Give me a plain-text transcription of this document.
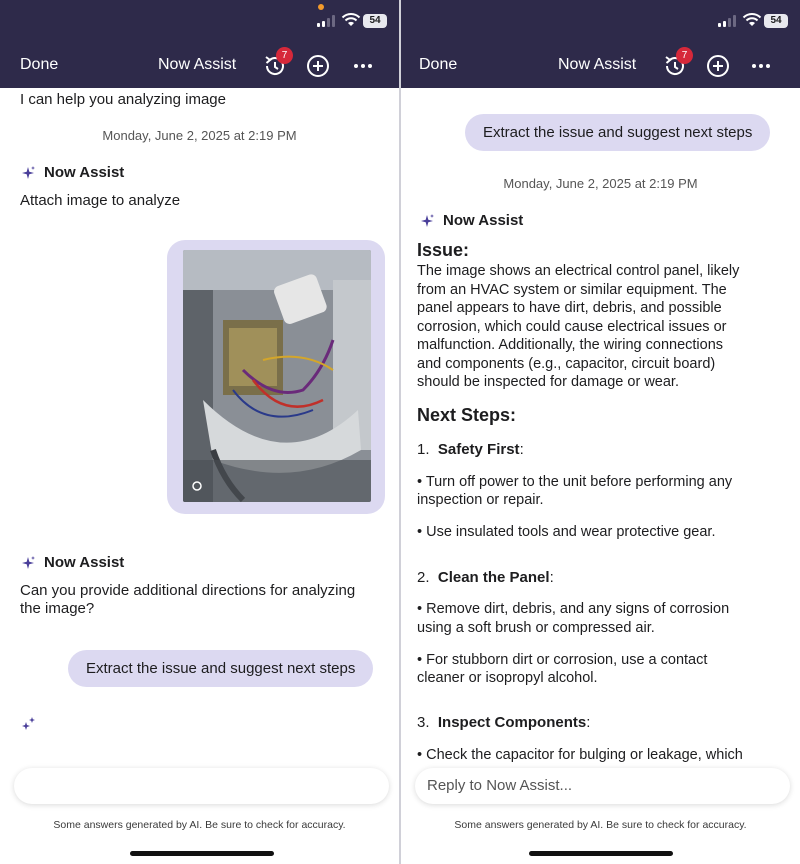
54
Done	Now Assist
7
I can help you analyzing image
Monday, June 2, 2025 at 2:19 PM
Now Assist
Attach image to analyze
Now Assist
Can you provide additional directions for analyzing
the image?
Extract the issue and suggest next steps
Some answers generated by AI. Be sure to check for accuracy.
54
Done	Now Assist
7
Extract the issue and suggest next steps
Monday, June 2, 2025 at 2:19 PM
Now Assist
Issue:
The image shows an electrical control panel, likely
from an HVAC system or similar equipment. The
panel appears to have dirt, debris, and possible
corrosion, which could cause electrical issues or
malfunction. Additionally, the wiring connections
and components (e.g., capacitor, circuit board)
should be inspected for damage or wear.
Next Steps:
1. Safety First:
• Turn off power to the unit before performing any
inspection or repair.
• Use insulated tools and wear protective gear.
2. Clean the Panel:
• Remove dirt, debris, and any signs of corrosion
using a soft brush or compressed air.
• For stubborn dirt or corrosion, use a contact
cleaner or isopropyl alcohol.
3. Inspect Components:
• Check the capacitor for bulging or leakage, which
Reply to Now Assist...
Some answers generated by AI. Be sure to check for accuracy.
